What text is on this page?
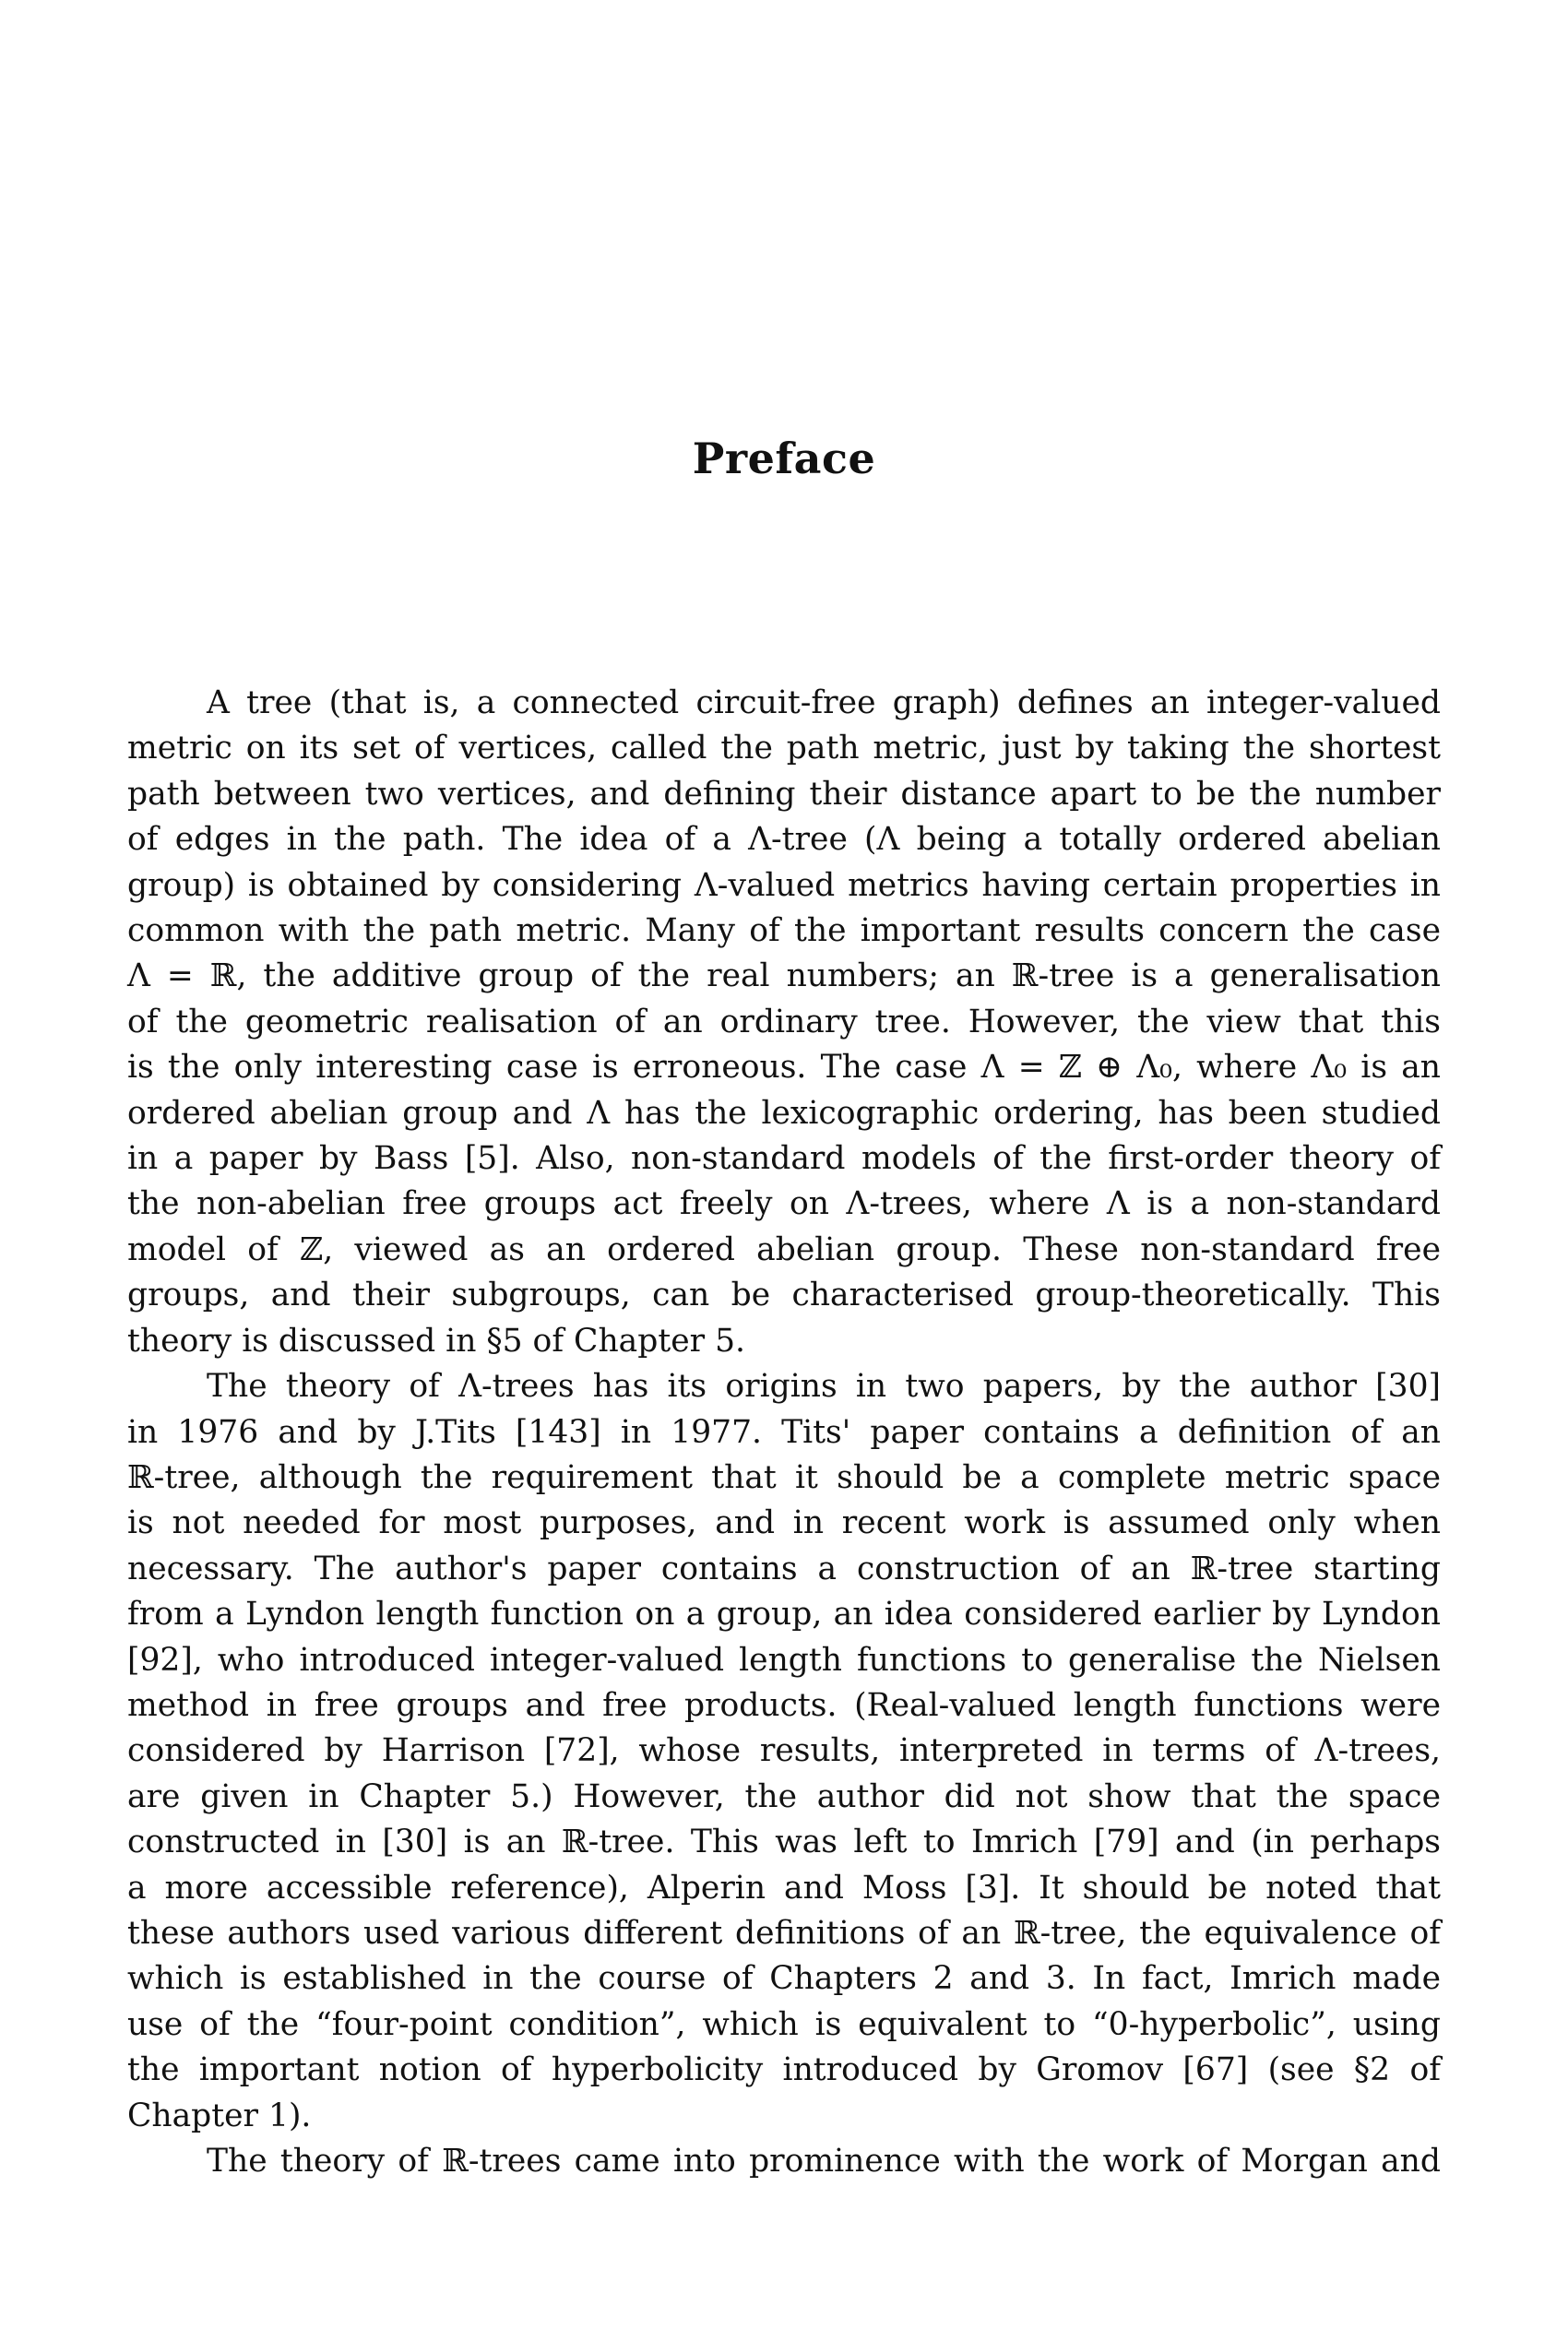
Preface
A tree (that is, a connected circuit-free graph) defines an integer-valued
metric on its set of vertices, called the path metric, just by taking the shortest
path between two vertices, and defining their distance apart to be the number
of edges in the path. The idea of a Λ-tree (Λ being a totally ordered abelian
group) is obtained by considering Λ-valued metrics having certain properties in
common with the path metric. Many of the important results concern the case
Λ = ℝ, the additive group of the real numbers; an ℝ-tree is a generalisation
of the geometric realisation of an ordinary tree. However, the view that this
is the only interesting case is erroneous. The case Λ = ℤ ⊕ Λ₀, where Λ₀ is an
ordered abelian group and Λ has the lexicographic ordering, has been studied
in a paper by Bass [5]. Also, non-standard models of the first-order theory of
the non-abelian free groups act freely on Λ-trees, where Λ is a non-standard
model of ℤ, viewed as an ordered abelian group. These non-standard free
groups, and their subgroups, can be characterised group-theoretically. This
theory is discussed in §5 of Chapter 5.
The theory of Λ-trees has its origins in two papers, by the author [30]
in 1976 and by J.Tits [143] in 1977. Tits' paper contains a definition of an
ℝ-tree, although the requirement that it should be a complete metric space
is not needed for most purposes, and in recent work is assumed only when
necessary. The author's paper contains a construction of an ℝ-tree starting
from a Lyndon length function on a group, an idea considered earlier by Lyndon
[92], who introduced integer-valued length functions to generalise the Nielsen
method in free groups and free products. (Real-valued length functions were
considered by Harrison [72], whose results, interpreted in terms of Λ-trees,
are given in Chapter 5.) However, the author did not show that the space
constructed in [30] is an ℝ-tree. This was left to Imrich [79] and (in perhaps
a more accessible reference), Alperin and Moss [3]. It should be noted that
these authors used various different definitions of an ℝ-tree, the equivalence of
which is established in the course of Chapters 2 and 3. In fact, Imrich made
use of the “four-point condition”, which is equivalent to “0-hyperbolic”, using
the important notion of hyperbolicity introduced by Gromov [67] (see §2 of
Chapter 1).
The theory of ℝ-trees came into prominence with the work of Morgan and
